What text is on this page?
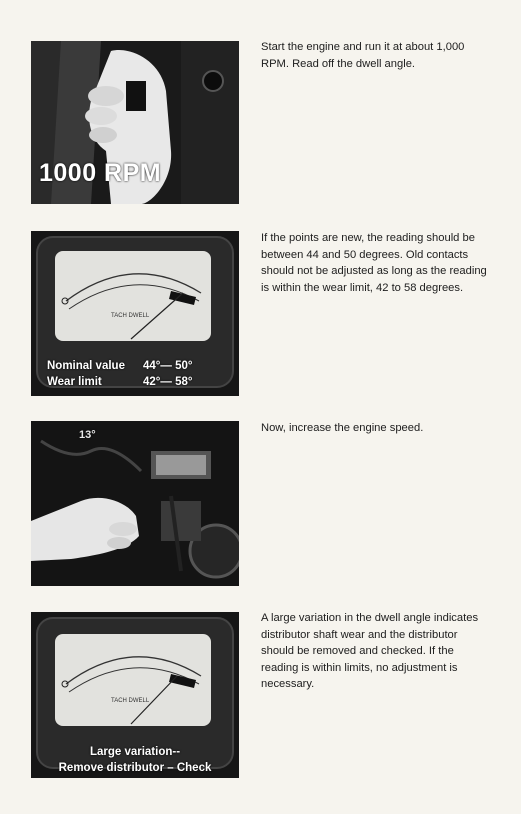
1000 RPM

Start the engine and run it at about 1,000 RPM. Read off the dwell angle.

TACH DWELL
Nominal value	44°— 50°
Wear limit	42°— 58°

If the points are new, the reading should be between 44 and 50 degrees. Old contacts should not be adjusted as long as the reading is within the wear limit, 42 to 58 degrees.

13°

Now, increase the engine speed.

TACH DWELL
Large variation--
Remove distributor – Check

A large variation in the dwell angle indicates distributor shaft wear and the distributor should be removed and checked. If the reading is within limits, no adjustment is necessary.
